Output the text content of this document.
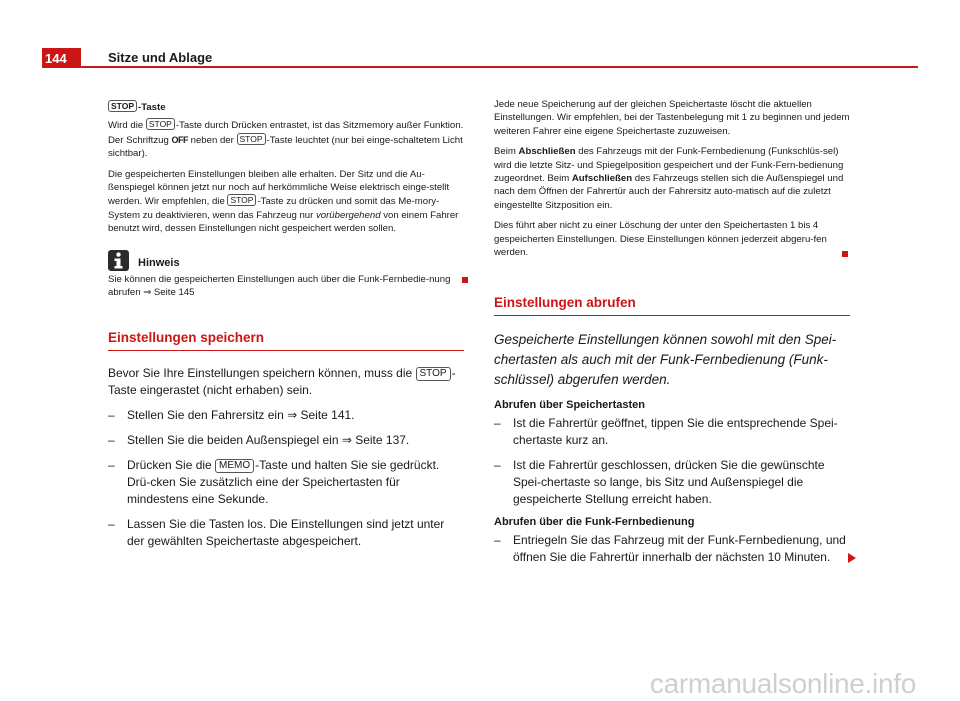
144	Sitze und Ablage
STOP -Taste
Wird die STOP -Taste durch Drücken entrastet, ist das Sitzmemory außer Funktion. Der Schriftzug OFF neben der STOP -Taste leuchtet (nur bei einge-schaltetem Licht sichtbar).
Die gespeicherten Einstellungen bleiben alle erhalten. Der Sitz und die Au-ßenspiegel können jetzt nur noch auf herkömmliche Weise elektrisch einge-stellt werden. Wir empfehlen, die STOP -Taste zu drücken und somit das Me-mory-System zu deaktivieren, wenn das Fahrzeug nur vorübergehend von einem Fahrer benutzt wird, dessen Einstellungen nicht gespeichert werden sollen.
Hinweis
Sie können die gespeicherten Einstellungen auch über die Funk-Fernbedie-nung abrufen ⇒ Seite 145
Einstellungen speichern
Bevor Sie Ihre Einstellungen speichern können, muss die STOP -Taste eingerastet (nicht erhaben) sein.
–	Stellen Sie den Fahrersitz ein ⇒ Seite 141.
–	Stellen Sie die beiden Außenspiegel ein ⇒ Seite 137.
–	Drücken Sie die MEMO -Taste und halten Sie sie gedrückt. Drü-cken Sie zusätzlich eine der Speichertasten für mindestens eine Sekunde.
–	Lassen Sie die Tasten los. Die Einstellungen sind jetzt unter der gewählten Speichertaste abgespeichert.
Jede neue Speicherung auf der gleichen Speichertaste löscht die aktuellen Einstellungen. Wir empfehlen, bei der Tastenbelegung mit 1 zu beginnen und jedem weiteren Fahrer eine eigene Speichertaste zuzuweisen.
Beim Abschließen des Fahrzeugs mit der Funk-Fernbedienung (Funkschlüs-sel) wird die letzte Sitz- und Spiegelposition gespeichert und der Funk-Fern-bedienung zugeordnet. Beim Aufschließen des Fahrzeugs stellen sich die Außenspiegel und nach dem Öffnen der Fahrertür auch der Fahrersitz auto-matisch auf die zuletzt eingestellte Sitzposition ein.
Dies führt aber nicht zu einer Löschung der unter den Speichertasten 1 bis 4 gespeicherten Einstellungen. Diese Einstellungen können jederzeit abgeru-fen werden.
Einstellungen abrufen
Gespeicherte Einstellungen können sowohl mit den Spei-chertasten als auch mit der Funk-Fernbedienung (Funk-schlüssel) abgerufen werden.
Abrufen über Speichertasten
–	Ist die Fahrertür geöffnet, tippen Sie die entsprechende Spei-chertaste kurz an.
–	Ist die Fahrertür geschlossen, drücken Sie die gewünschte Spei-chertaste so lange, bis Sitz und Außenspiegel die gespeicherte Stellung erreicht haben.
Abrufen über die Funk-Fernbedienung
–	Entriegeln Sie das Fahrzeug mit der Funk-Fernbedienung, und öffnen Sie die Fahrertür innerhalb der nächsten 10 Minuten.
carmanualsonline.info
